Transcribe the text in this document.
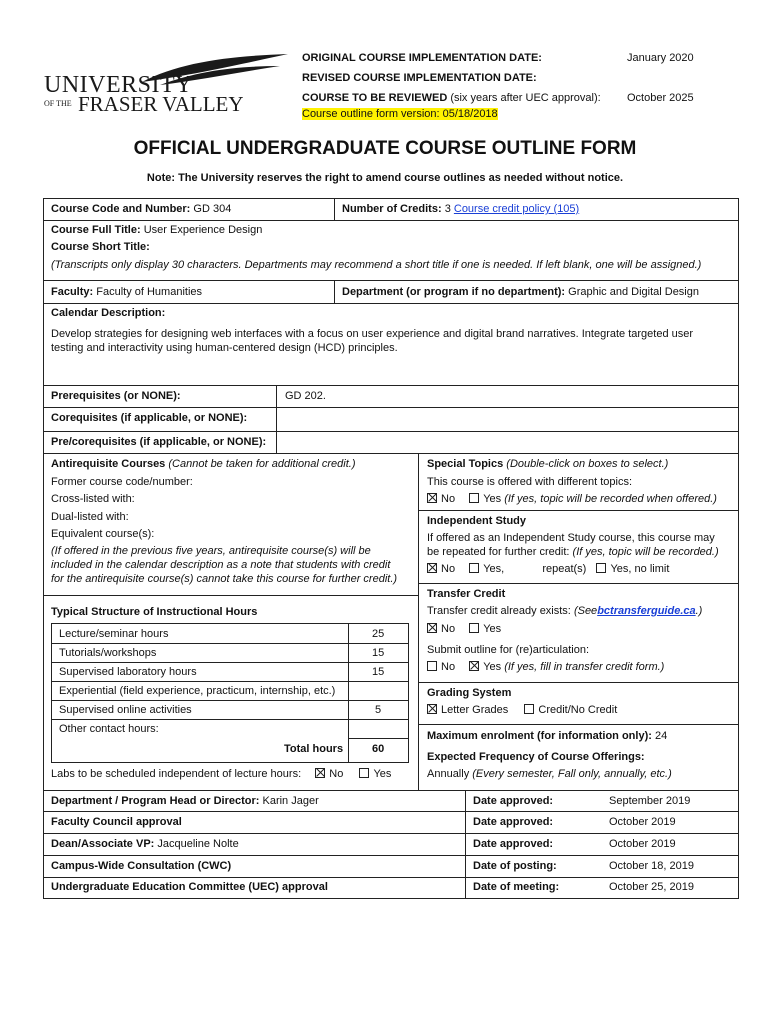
UNIVERSITY
OF THE FRASER VALLEY
ORIGINAL COURSE IMPLEMENTATION DATE:	January 2020
REVISED COURSE IMPLEMENTATION DATE:
COURSE TO BE REVIEWED (six years after UEC approval): October 2025
Course outline form version: 05/18/2018
OFFICIAL UNDERGRADUATE COURSE OUTLINE FORM
Note: The University reserves the right to amend course outlines as needed without notice.
Course Code and Number: GD 304	Number of Credits: 3 Course credit policy (105)
Course Full Title: User Experience Design
Course Short Title:
(Transcripts only display 30 characters. Departments may recommend a short title if one is needed. If left blank, one will be assigned.)
Faculty: Faculty of Humanities	Department (or program if no department): Graphic and Digital Design
Calendar Description:
Develop strategies for designing web interfaces with a focus on user experience and digital brand narratives. Integrate targeted user
testing and interactivity using human-centered design (HCD) principles.
Prerequisites (or NONE):	GD 202.
Corequisites (if applicable, or NONE):
Pre/corequisites (if applicable, or NONE):
Antirequisite Courses (Cannot be taken for additional credit.)
Former course code/number:
Cross-listed with:
Dual-listed with:
Equivalent course(s):
(If offered in the previous five years, antirequisite course(s) will be
included in the calendar description as a note that students with credit
for the antirequisite course(s) cannot take this course for further credit.)
Typical Structure of Instructional Hours
Lecture/seminar hours	25
Tutorials/workshops	15
Supervised laboratory hours	15
Experiential (field experience, practicum, internship, etc.)
Supervised online activities	5
Other contact hours:
Total hours	60
Labs to be scheduled independent of lecture hours:	No	Yes
Special Topics (Double-click on boxes to select.)
This course is offered with different topics:
No	Yes (If yes, topic will be recorded when offered.)
Independent Study
If offered as an Independent Study course, this course may
be repeated for further credit: (If yes, topic will be recorded.)
No	Yes,	repeat(s) Yes, no limit
Transfer Credit
Transfer credit already exists: (Seebctransferguide.ca.)
No	Yes
Submit outline for (re)articulation:
No	Yes (If yes, fill in transfer credit form.)
Grading System
Letter Grades	Credit/No Credit
Maximum enrolment (for information only): 24
Expected Frequency of Course Offerings:
Annually (Every semester, Fall only, annually, etc.)
Department / Program Head or Director: Karin Jager	Date approved:	September 2019
Faculty Council approval	Date approved:	October 2019
Dean/Associate VP: Jacqueline Nolte	Date approved:	October 2019
Campus-Wide Consultation (CWC)	Date of posting:	October 18, 2019
Undergraduate Education Committee (UEC) approval	Date of meeting:	October 25, 2019
